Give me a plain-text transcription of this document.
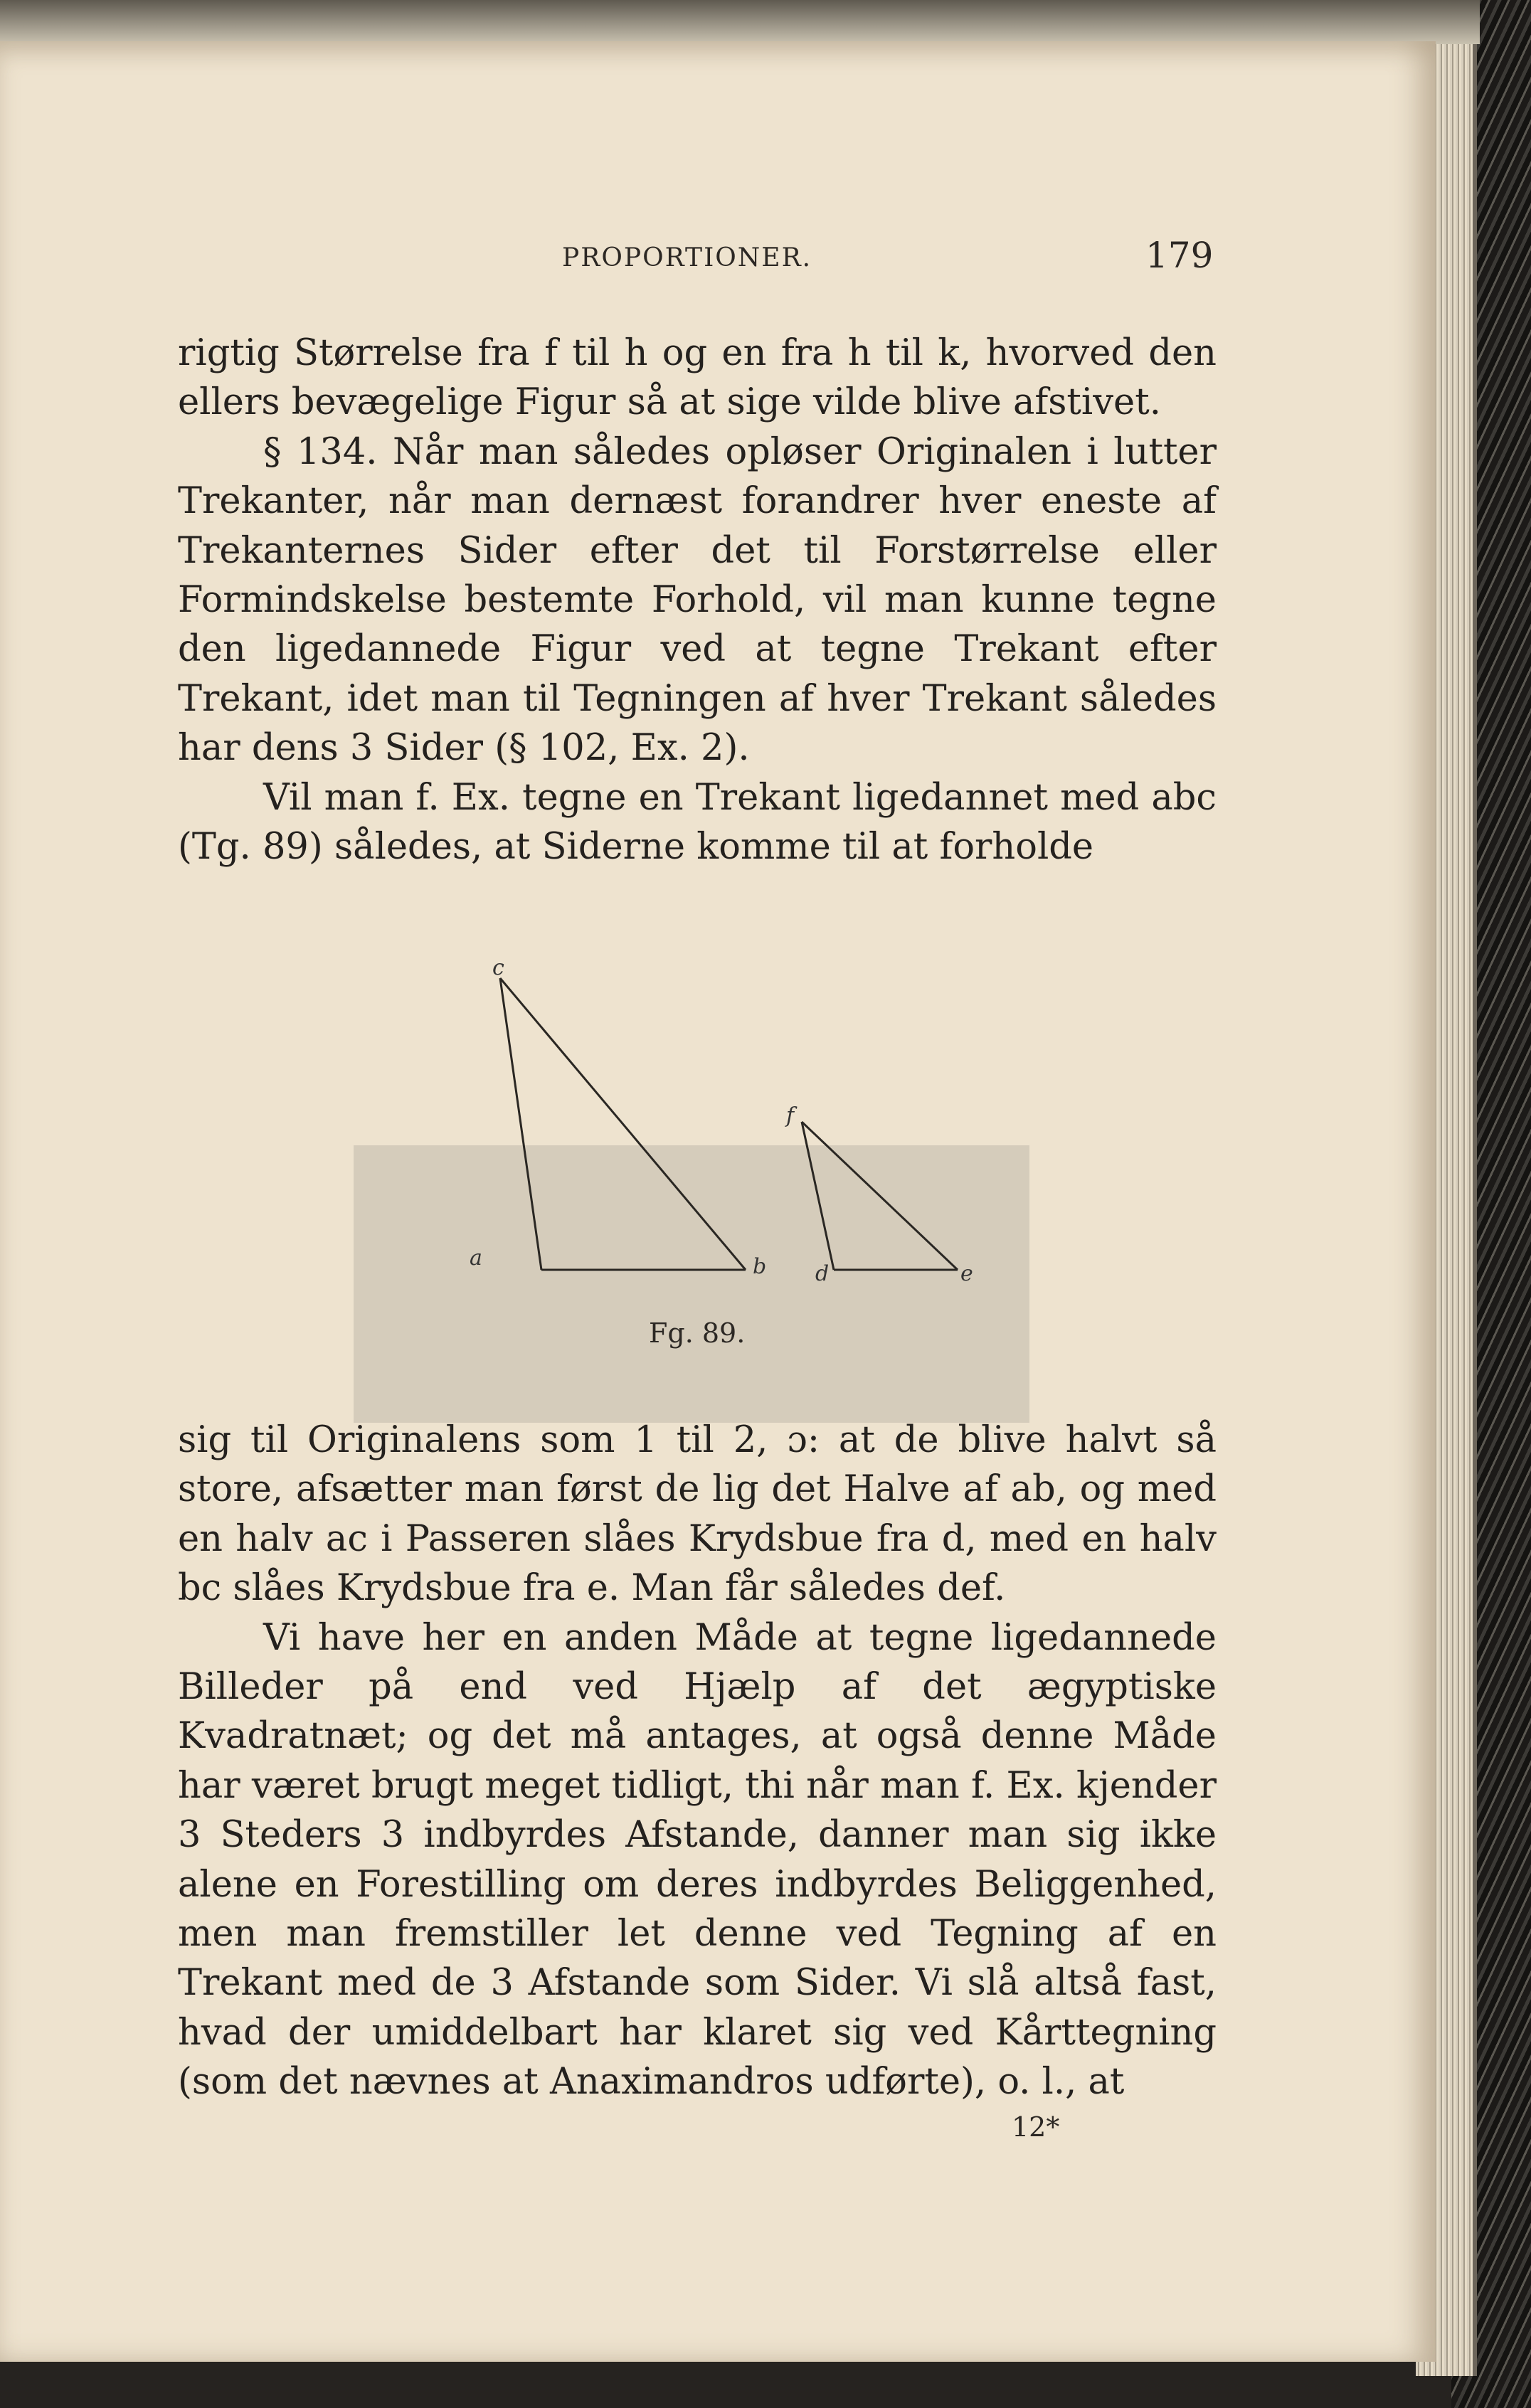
PROPORTIONER.	179

rigtig Størrelse fra f til h og en fra h til k, hvorved den ellers bevægelige Figur så at sige vilde blive afstivet.

§ 134. Når man således opløser Originalen i lutter Trekanter, når man dernæst forandrer hver eneste af Trekanternes Sider efter det til Forstørrelse eller Formindskelse bestemte Forhold, vil man kunne tegne den ligedannede Figur ved at tegne Trekant efter Trekant, idet man til Tegningen af hver Trekant således har dens 3 Sider (§ 102, Ex. 2).

Vil man f. Ex. tegne en Trekant ligedannet med abc (Tg. 89) således, at Siderne komme til at forholde

c
a	b
f
d	e
Fg. 89.

sig til Originalens som 1 til 2, ɔ: at de blive halvt så store, afsætter man først de lig det Halve af ab, og med en halv ac i Passeren slåes Krydsbue fra d, med en halv bc slåes Krydsbue fra e. Man får således def.

Vi have her en anden Måde at tegne ligedannede Billeder på end ved Hjælp af det ægyptiske Kvadratnæt; og det må antages, at også denne Måde har været brugt meget tidligt, thi når man f. Ex. kjender 3 Steders 3 indbyrdes Afstande, danner man sig ikke alene en Forestilling om deres indbyrdes Beliggenhed, men man fremstiller let denne ved Tegning af en Trekant med de 3 Afstande som Sider. Vi slå altså fast, hvad der umiddelbart har klaret sig ved Kårttegning (som det nævnes at Anaximandros udførte), o. l., at

12*
